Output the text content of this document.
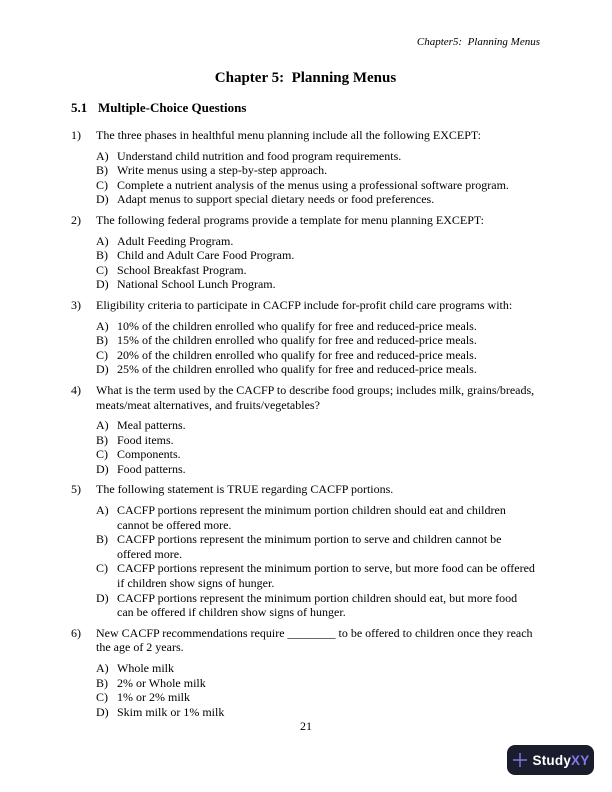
Chapter5:  Planning Menus
Chapter 5:  Planning Menus
5.1 Multiple-Choice Questions
1)	The three phases in healthful menu planning include all the following EXCEPT:
A) Understand child nutrition and food program requirements.
B) Write menus using a step-by-step approach.
C) Complete a nutrient analysis of the menus using a professional software program.
D) Adapt menus to support special dietary needs or food preferences.
2)	The following federal programs provide a template for menu planning EXCEPT:
A) Adult Feeding Program.
B) Child and Adult Care Food Program.
C) School Breakfast Program.
D) National School Lunch Program.
3)	Eligibility criteria to participate in CACFP include for-profit child care programs with:
A) 10% of the children enrolled who qualify for free and reduced-price meals.
B) 15% of the children enrolled who qualify for free and reduced-price meals.
C) 20% of the children enrolled who qualify for free and reduced-price meals.
D) 25% of the children enrolled who qualify for free and reduced-price meals.
4)	What is the term used by the CACFP to describe food groups; includes milk, grains/breads, meats/meat alternatives, and fruits/vegetables?
A) Meal patterns.
B) Food items.
C) Components.
D) Food patterns.
5)	The following statement is TRUE regarding CACFP portions.
A) CACFP portions represent the minimum portion children should eat and children cannot be offered more.
B) CACFP portions represent the minimum portion to serve and children cannot be offered more.
C) CACFP portions represent the minimum portion to serve, but more food can be offered if children show signs of hunger.
D) CACFP portions represent the minimum portion children should eat, but more food can be offered if children show signs of hunger.
6)	New CACFP recommendations require ________ to be offered to children once they reach the age of 2 years.
A) Whole milk
B) 2% or Whole milk
C) 1% or 2% milk
D) Skim milk or 1% milk
21
StudyXY
